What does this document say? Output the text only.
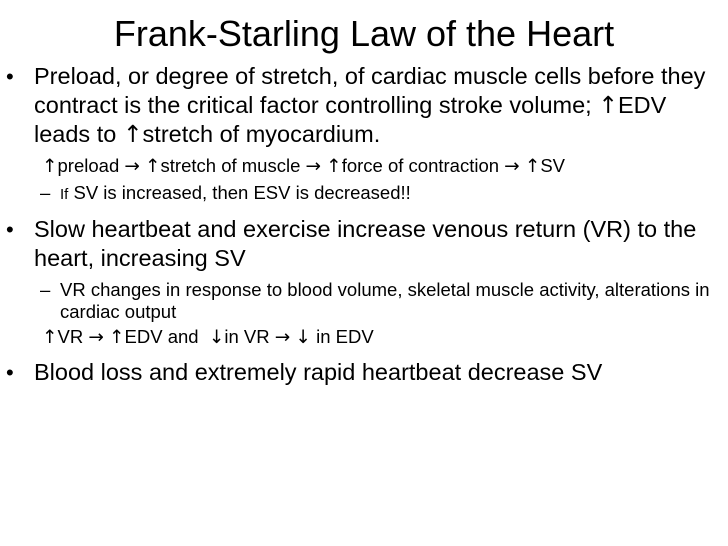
Frank-Starling Law of the Heart
• Preload, or degree of stretch, of cardiac muscle cells before they contract is the critical factor controlling stroke volume; ↑EDV leads to ↑stretch of myocardium.
↑preload → ↑stretch of muscle → ↑force of contraction → ↑SV
– If SV is increased, then ESV is decreased!!
• Slow heartbeat and exercise increase venous return (VR) to the heart, increasing SV
– VR changes in response to blood volume, skeletal muscle activity, alterations in cardiac output
↑VR → ↑EDV and ↓in VR → ↓ in EDV
• Blood loss and extremely rapid heartbeat decrease SV
